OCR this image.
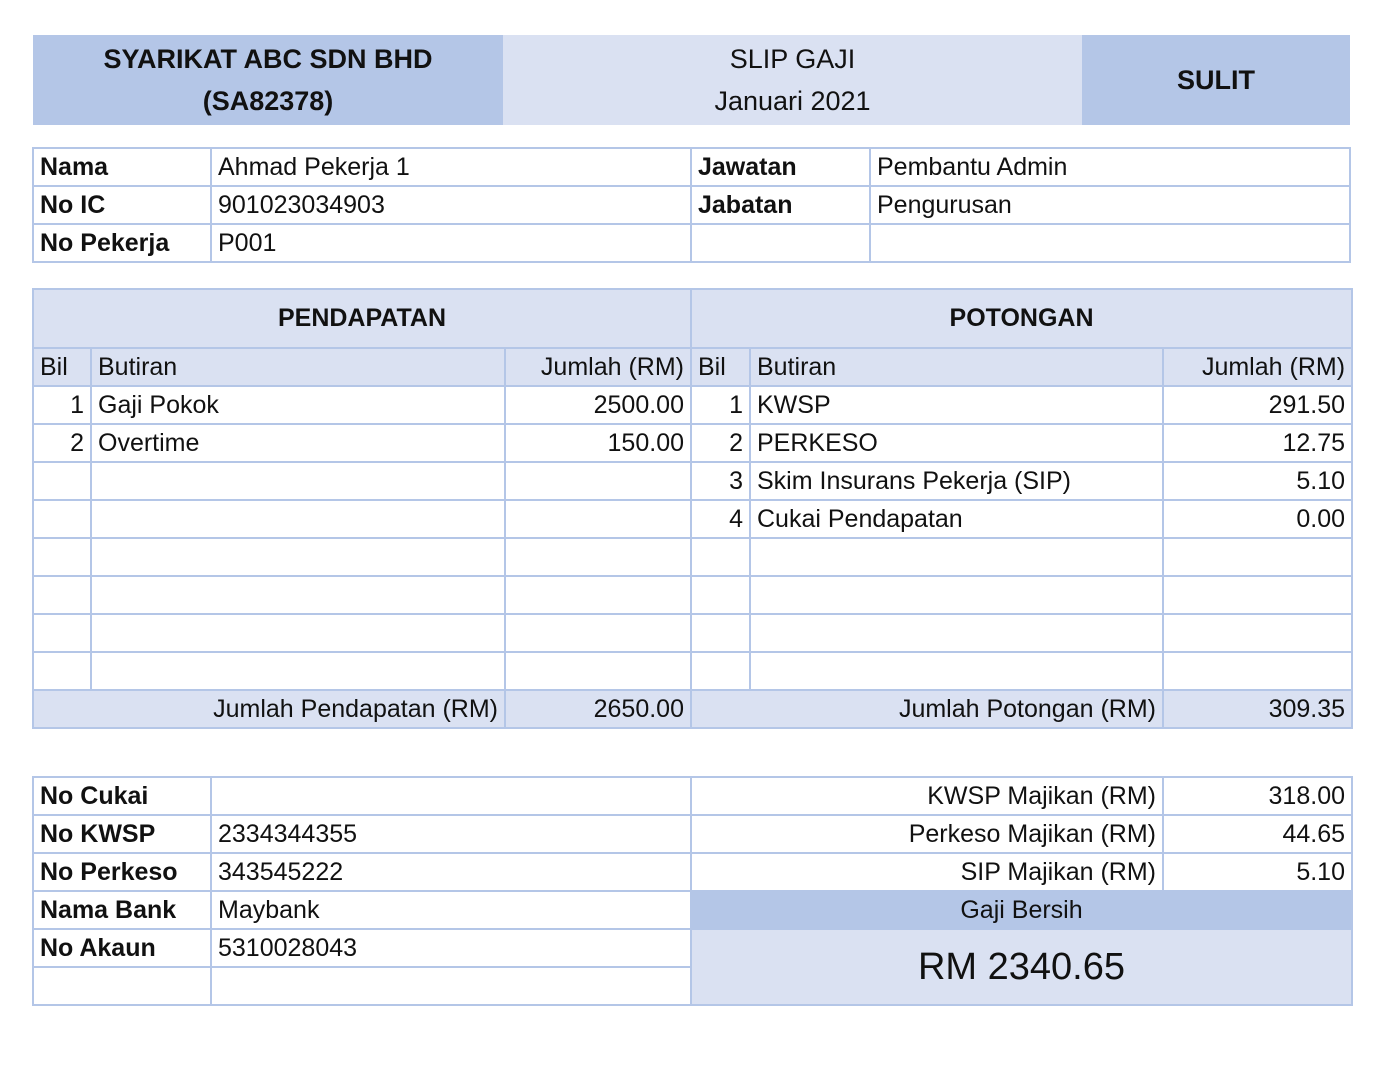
SYARIKAT ABC SDN BHD
(SA82378)
SLIP GAJI
Januari 2021
SULIT
Nama	Ahmad Pekerja 1	Jawatan	Pembantu Admin
No IC	901023034903	Jabatan	Pengurusan
No Pekerja	P001		
PENDAPATAN			POTONGAN		
Bil	Butiran	Jumlah (RM)	Bil	Butiran	Jumlah (RM)
1	Gaji Pokok	2500.00	1	KWSP	291.50
2	Overtime	150.00	2	PERKESO	12.75
			3	Skim Insurans Pekerja (SIP)	5.10
			4	Cukai Pendapatan	0.00

Jumlah Pendapatan (RM)		2650.00	Jumlah Potongan (RM)		309.35
No Cukai		KWSP Majikan (RM)	318.00
No KWSP	2334344355	Perkeso Majikan (RM)	44.65
No Perkeso	343545222	SIP Majikan (RM)	5.10
Nama Bank	Maybank	Gaji Bersih	
No Akaun	5310028043	RM 2340.65	
